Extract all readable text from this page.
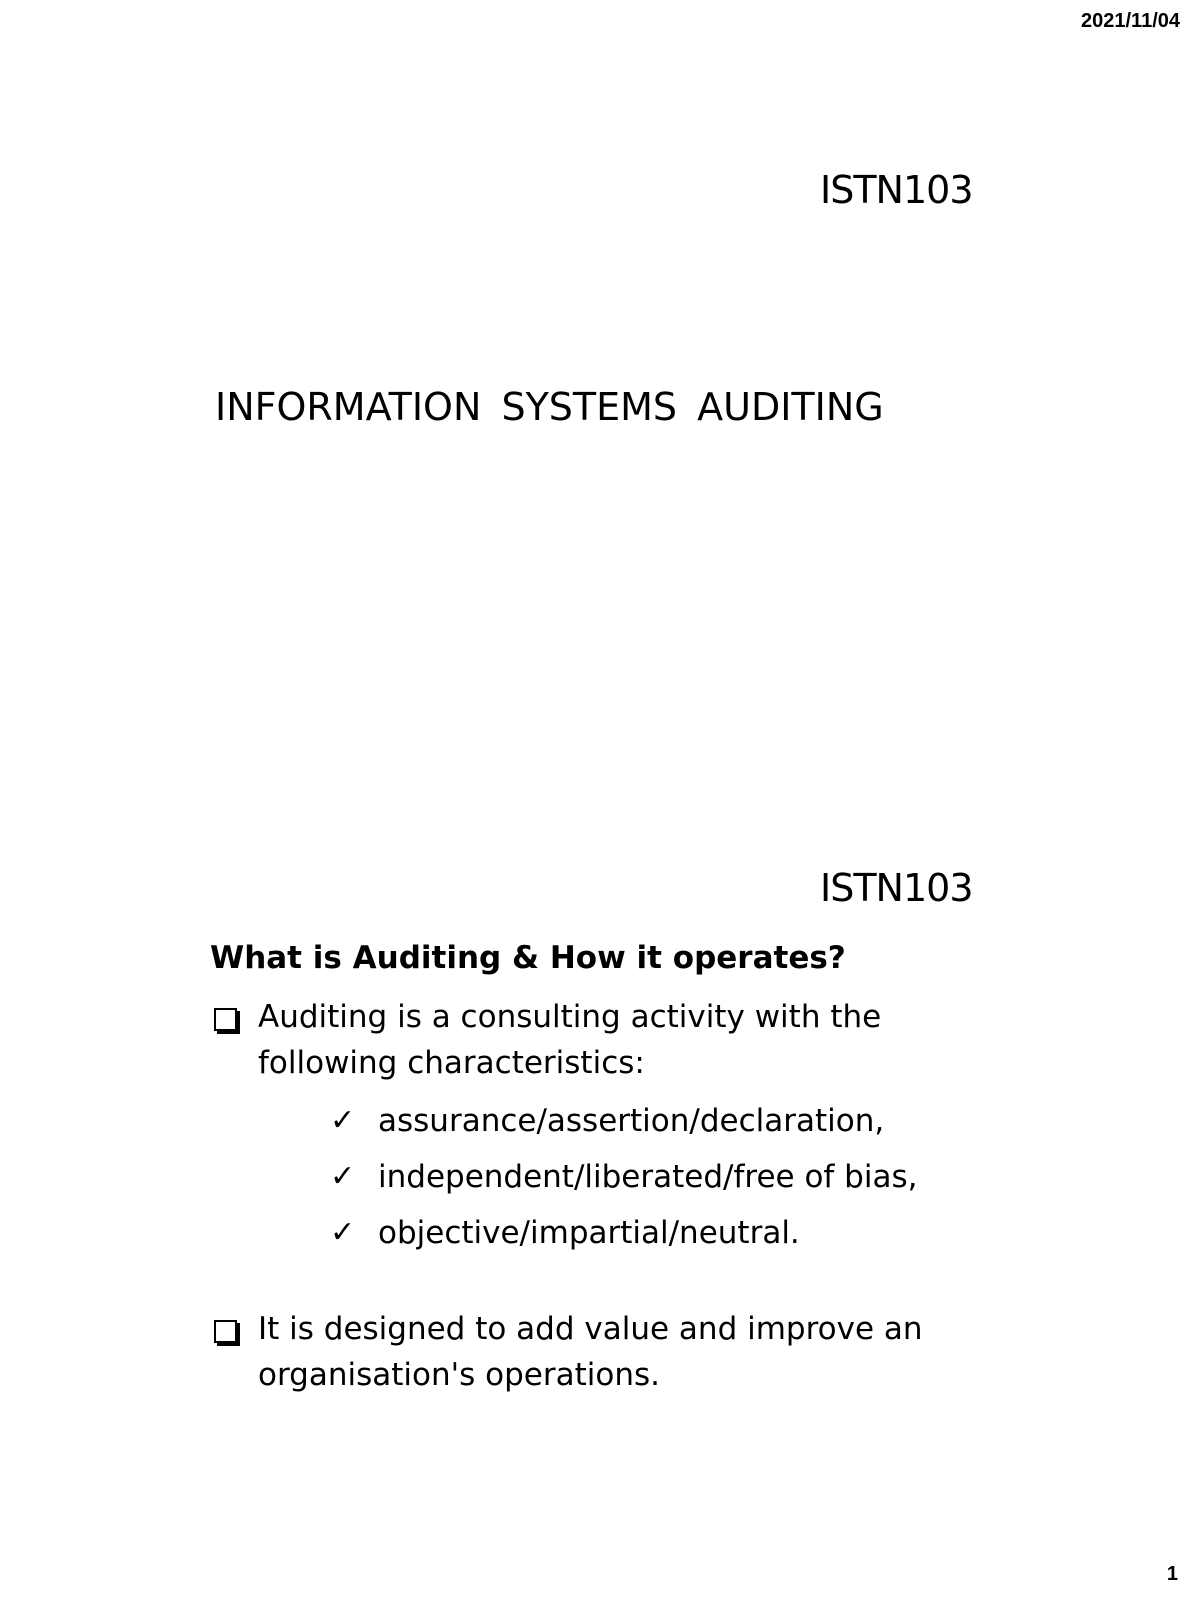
2021/11/04
ISTN103
INFORMATION SYSTEMS AUDITING
ISTN103
What is Auditing & How it operates?
Auditing is a consulting activity with the following characteristics:
✓ assurance/assertion/declaration,
✓ independent/liberated/free of bias,
✓ objective/impartial/neutral.
It is designed to add value and improve an organisation's operations.
1
